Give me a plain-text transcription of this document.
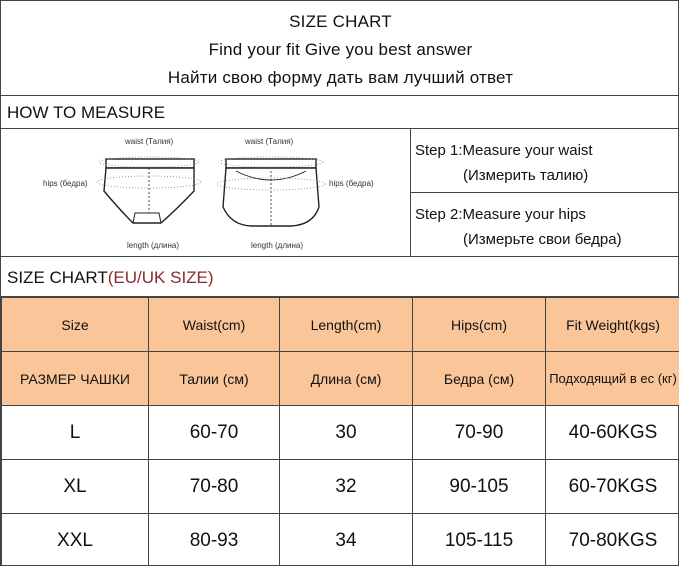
SIZE CHART
Find your fit Give you best answer
Найти свою форму дать вам лучший ответ
HOW TO MEASURE
waist (Талия)	waist (Талия)
hips (бедра)	hips (бедра)
length (длина)	length (длина)
Step 1:Measure your waist
(Измерить талию)
Step 2:Measure your hips
(Измерьте свои бедра)
SIZE CHART(EU/UK SIZE)
Size	Waist(cm)	Length(cm)	Hips(cm)	Fit Weight(kgs)
РАЗМЕР ЧАШКИ	Талии (см)	Длина (см)	Бедра (см)	Подходящий в ес (кг)
L	60-70	30	70-90	40-60KGS
XL	70-80	32	90-105	60-70KGS
XXL	80-93	34	105-115	70-80KGS
